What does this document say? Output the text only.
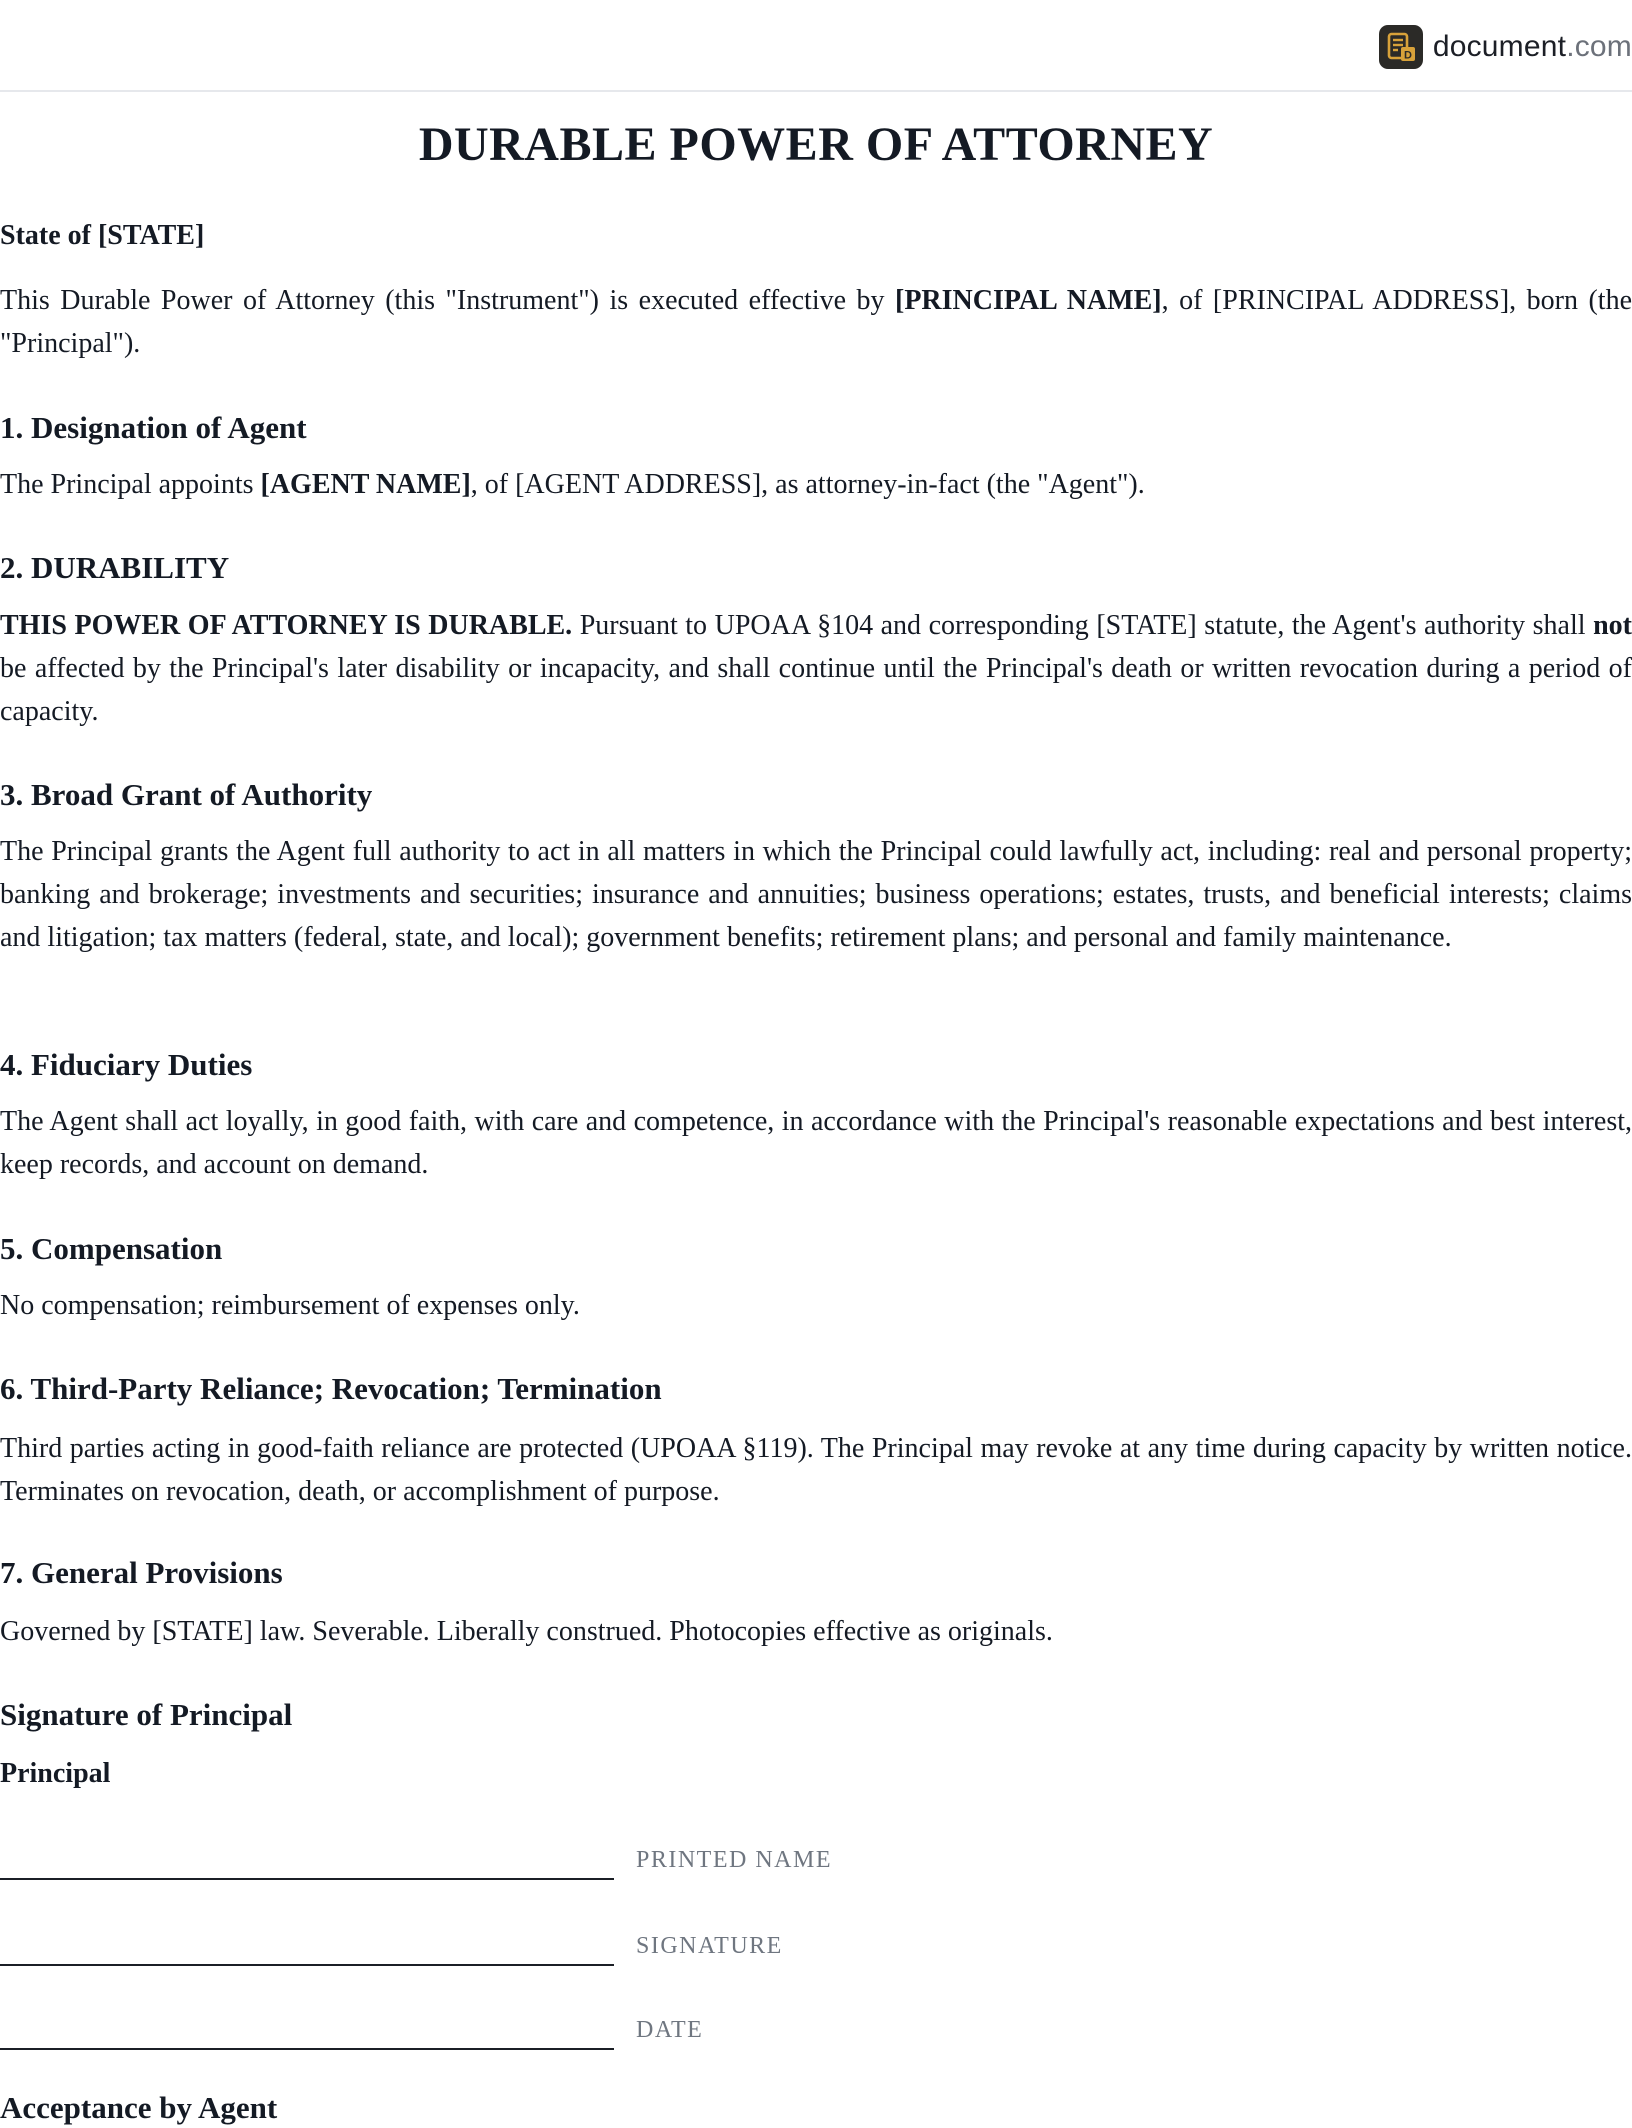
D document.com
DURABLE POWER OF ATTORNEY

State of [STATE]

This Durable Power of Attorney (this "Instrument") is executed effective by [PRINCIPAL NAME], of [PRINCIPAL ADDRESS], born (the "Principal").

1. Designation of Agent

The Principal appoints [AGENT NAME], of [AGENT ADDRESS], as attorney-in-fact (the "Agent").

2. DURABILITY

THIS POWER OF ATTORNEY IS DURABLE. Pursuant to UPOAA §104 and corresponding [STATE] statute, the Agent's authority shall not be affected by the Principal's later disability or incapacity, and shall continue until the Principal's death or written revocation during a period of capacity.

3. Broad Grant of Authority

The Principal grants the Agent full authority to act in all matters in which the Principal could lawfully act, including: real and personal property; banking and brokerage; investments and securities; insurance and annuities; business operations; estates, trusts, and beneficial interests; claims and litigation; tax matters (federal, state, and local); government benefits; retirement plans; and personal and family maintenance.

4. Fiduciary Duties

The Agent shall act loyally, in good faith, with care and competence, in accordance with the Principal's reasonable expectations and best interest, keep records, and account on demand.

5. Compensation

No compensation; reimbursement of expenses only.

6. Third-Party Reliance; Revocation; Termination

Third parties acting in good-faith reliance are protected (UPOAA §119). The Principal may revoke at any time during capacity by written notice. Terminates on revocation, death, or accomplishment of purpose.

7. General Provisions

Governed by [STATE] law. Severable. Liberally construed. Photocopies effective as originals.

Signature of Principal

Principal

PRINTED NAME
SIGNATURE
DATE
Acceptance by Agent
